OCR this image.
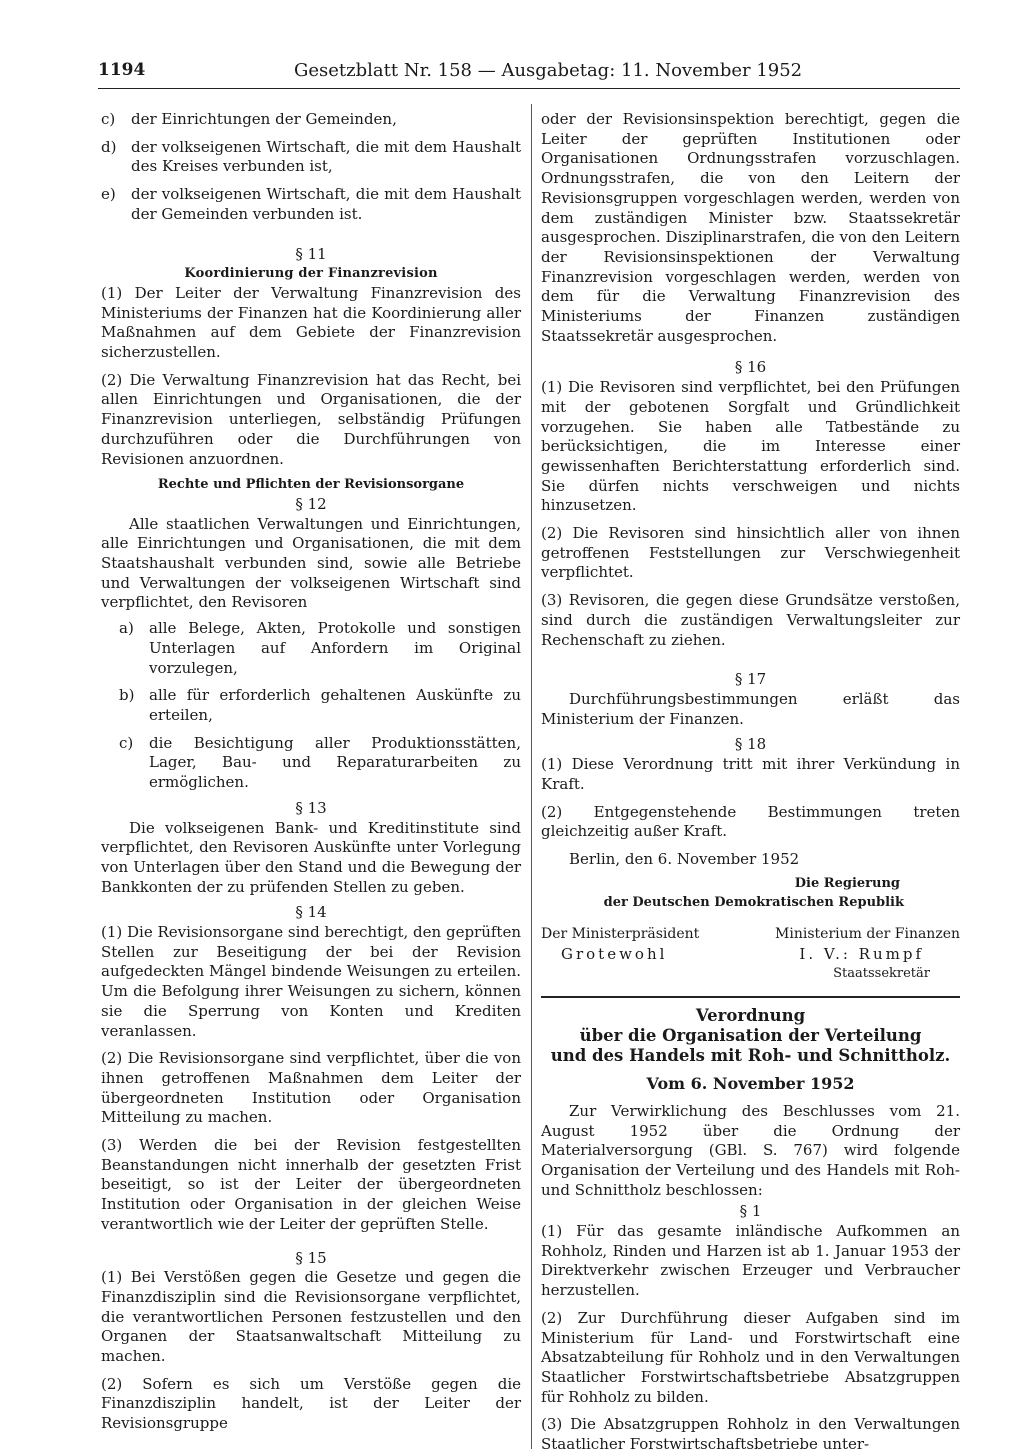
1194	Gesetzblatt Nr. 158 — Ausgabetag: 11. November 1952
c)	der Einrichtungen der Gemeinden,
d) der volkseigenen Wirtschaft, die mit dem Haushalt des Kreises verbunden ist,
e)	der volkseigenen Wirtschaft, die mit dem Haushalt der Gemeinden verbunden ist.

§ 11

Koordinierung der Finanzrevision

(1) Der Leiter der Verwaltung Finanzrevision des Ministeriums der Finanzen hat die Koordinierung aller Maßnahmen auf dem Gebiete der Finanzrevision sicherzustellen.

(2) Die Verwaltung Finanzrevision hat das Recht, bei allen Einrichtungen und Organisationen, die der Finanzrevision unterliegen, selbständig Prüfungen durchzuführen oder die Durchführungen von Revisionen anzuordnen.

Rechte und Pflichten der Revisionsorgane

§ 12

Alle staatlichen Verwaltungen und Einrichtungen, alle Einrichtungen und Organisationen, die mit dem Staatshaushalt verbunden sind, sowie alle Betriebe und Verwaltungen der volkseigenen Wirtschaft sind verpflichtet, den Revisoren

a)	alle Belege, Akten, Protokolle und sonstigen Unterlagen auf Anfordern im Original vorzulegen,
b) alle für erforderlich gehaltenen Auskünfte zu erteilen,
c)	die Besichtigung aller Produktionsstätten, Lager, Bau- und Reparaturarbeiten zu ermöglichen.

§ 13

Die volkseigenen Bank- und Kreditinstitute sind verpflichtet, den Revisoren Auskünfte unter Vorlegung von Unterlagen über den Stand und die Bewegung der Bankkonten der zu prüfenden Stellen zu geben.

§ 14

(1) Die Revisionsorgane sind berechtigt, den geprüften Stellen zur Beseitigung der bei der Revision aufgedeckten Mängel bindende Weisungen zu erteilen. Um die Befolgung ihrer Weisungen zu sichern, können sie die Sperrung von Konten und Krediten veranlassen.

(2) Die Revisionsorgane sind verpflichtet, über die von ihnen getroffenen Maßnahmen dem Leiter der übergeordneten Institution oder Organisation Mitteilung zu machen.

(3) Werden die bei der Revision festgestellten Beanstandungen nicht innerhalb der gesetzten Frist beseitigt, so ist der Leiter der übergeordneten Institution oder Organisation in der gleichen Weise verantwortlich wie der Leiter der geprüften Stelle.

§ 15

(1) Bei Verstößen gegen die Gesetze und gegen die Finanzdisziplin sind die Revisionsorgane verpflichtet, die verantwortlichen Personen festzustellen und den Organen der Staatsanwaltschaft Mitteilung zu machen.

(2) Sofern es sich um Verstöße gegen die Finanzdisziplin handelt, ist der Leiter der Revisionsgruppe

oder der Revisionsinspektion berechtigt, gegen die Leiter der geprüften Institutionen oder Organisationen Ordnungsstrafen vorzuschlagen. Ordnungsstrafen, die von den Leitern der Revisionsgruppen vorgeschlagen werden, werden von dem zuständigen Minister bzw. Staatssekretär ausgesprochen. Disziplinarstrafen, die von den Leitern der Revisionsinspektionen der Verwaltung Finanzrevision vorgeschlagen werden, werden von dem für die Verwaltung Finanzrevision des Ministeriums der Finanzen zuständigen Staatssekretär ausgesprochen.

§ 16

(1) Die Revisoren sind verpflichtet, bei den Prüfungen mit der gebotenen Sorgfalt und Gründlichkeit vorzugehen. Sie haben alle Tatbestände zu berücksichtigen, die im Interesse einer gewissenhaften Berichterstattung erforderlich sind. Sie dürfen nichts verschweigen und nichts hinzusetzen.

(2) Die Revisoren sind hinsichtlich aller von ihnen getroffenen Feststellungen zur Verschwiegenheit verpflichtet.

(3) Revisoren, die gegen diese Grundsätze verstoßen, sind durch die zuständigen Verwaltungsleiter zur Rechenschaft zu ziehen.

§ 17

Durchführungsbestimmungen erläßt das Ministerium der Finanzen.

§ 18

(1) Diese Verordnung tritt mit ihrer Verkündung in Kraft.

(2) Entgegenstehende Bestimmungen treten gleichzeitig außer Kraft.

Berlin, den 6. November 1952

Die Regierung

der Deutschen Demokratischen Republik

Der Ministerpräsident	Ministerium der Finanzen
Grotewohl	I. V.: Rumpf

Staatssekretär

Verordnung

über die Organisation der Verteilung

und des Handels mit Roh- und Schnittholz.

Vom 6. November 1952

Zur Verwirklichung des Beschlusses vom 21. August 1952 über die Ordnung der Materialversorgung (GBl. S. 767) wird folgende Organisation der Verteilung und des Handels mit Roh- und Schnittholz beschlossen:

§ 1

(1) Für das gesamte inländische Aufkommen an Rohholz, Rinden und Harzen ist ab 1. Januar 1953 der Direktverkehr zwischen Erzeuger und Verbraucher herzustellen.

(2) Zur Durchführung dieser Aufgaben sind im Ministerium für Land- und Forstwirtschaft eine Absatzabteilung für Rohholz und in den Verwaltungen Staatlicher Forstwirtschaftsbetriebe Absatzgruppen für Rohholz zu bilden.

(3) Die Absatzgruppen Rohholz in den Verwaltungen Staatlicher Forstwirtschaftsbetriebe unter-
